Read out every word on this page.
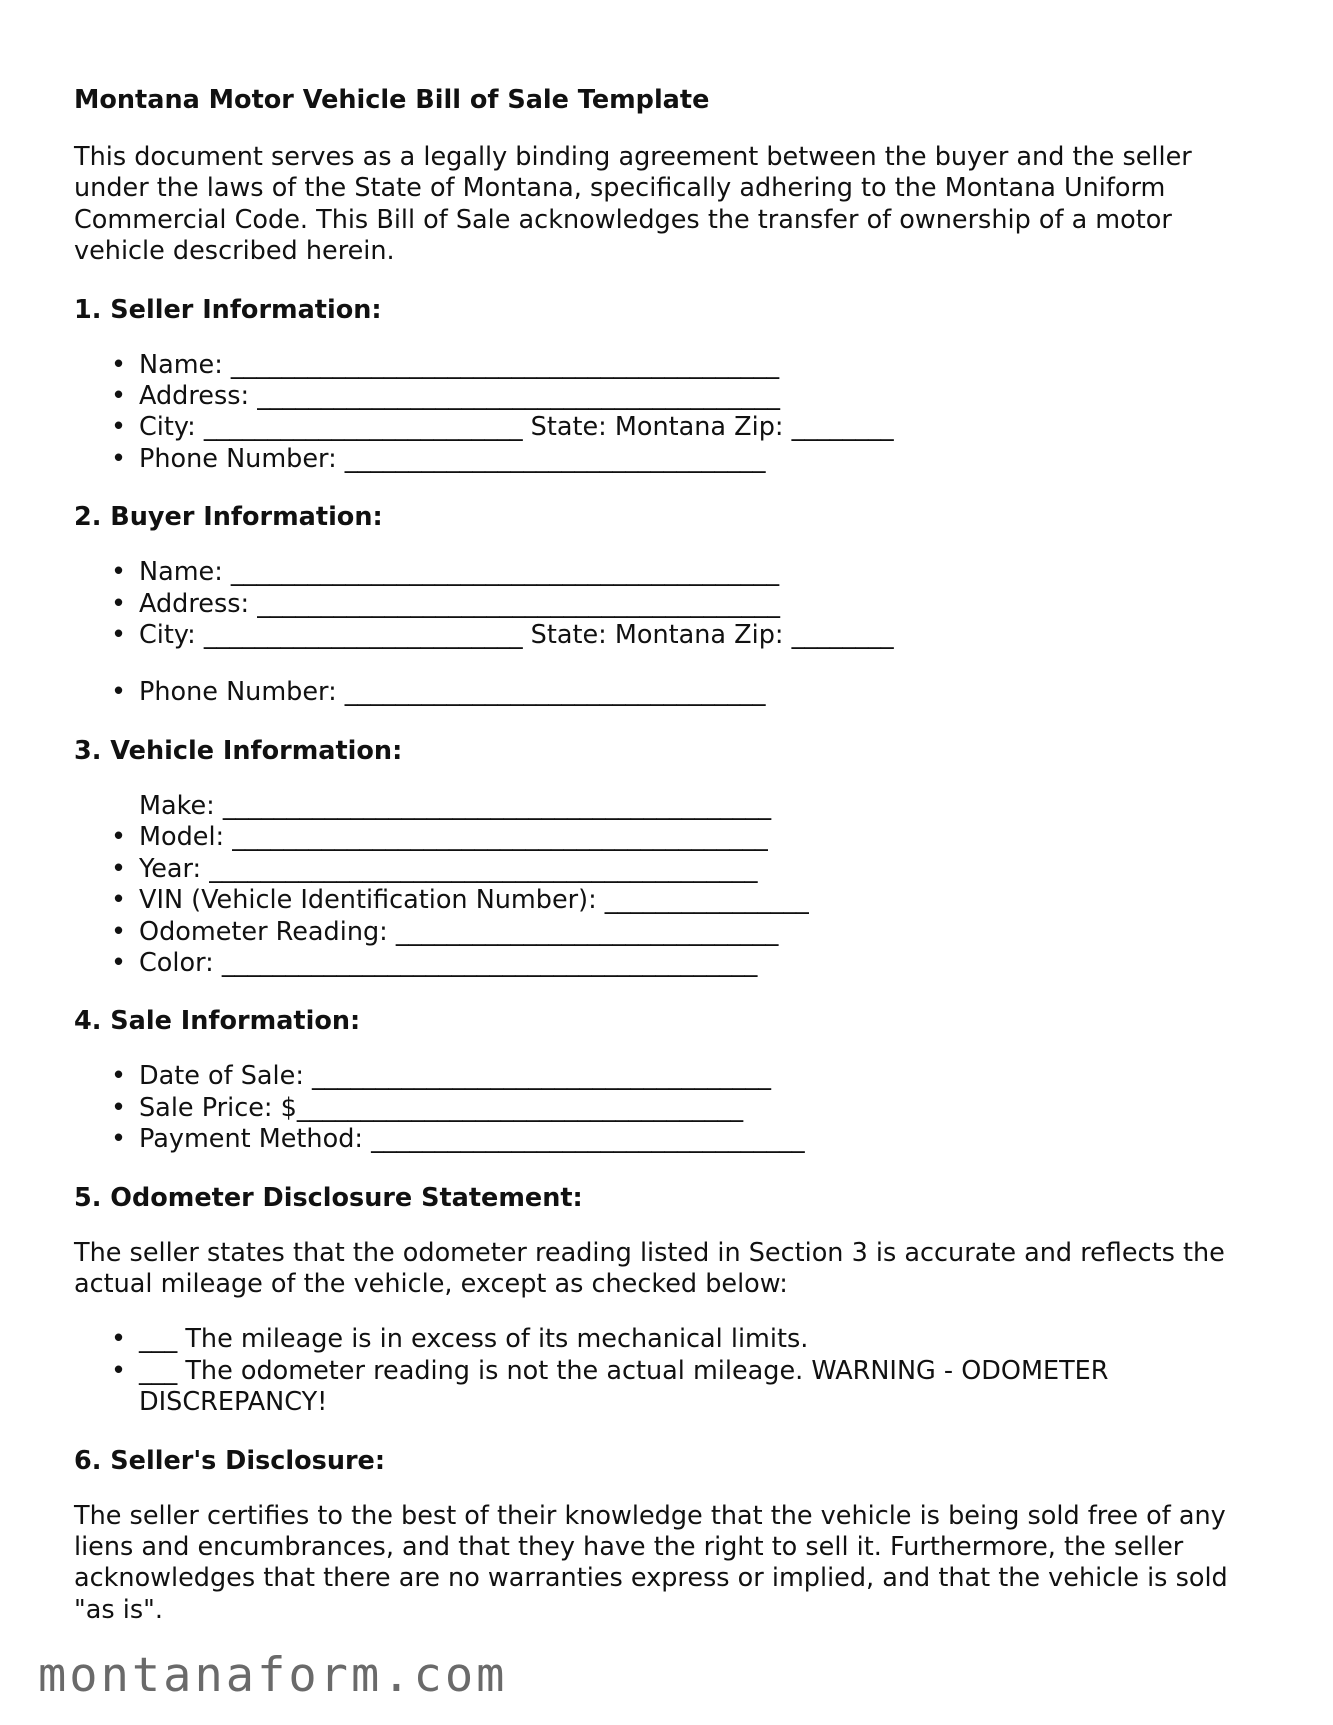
Montana Motor Vehicle Bill of Sale Template

This document serves as a legally binding agreement between the buyer and the seller
under the laws of the State of Montana, specifically adhering to the Montana Uniform
Commercial Code. This Bill of Sale acknowledges the transfer of ownership of a motor
vehicle described herein.

1. Seller Information:
• Name: ___________________________________________
• Address: _________________________________________
• City: _________________________ State: Montana Zip: ________
• Phone Number: _________________________________
2. Buyer Information:
• Name: ___________________________________________
• Address: _________________________________________
• City: _________________________ State: Montana Zip: ________
• Phone Number: _________________________________
3. Vehicle Information:
Make: ___________________________________________
• Model: __________________________________________
• Year: ___________________________________________
• VIN (Vehicle Identification Number): ________________
• Odometer Reading: ______________________________
• Color: __________________________________________
4. Sale Information:
• Date of Sale: ____________________________________
• Sale Price: $___________________________________
• Payment Method: __________________________________
5. Odometer Disclosure Statement:

The seller states that the odometer reading listed in Section 3 is accurate and reflects the
actual mileage of the vehicle, except as checked below:

• ___ The mileage is in excess of its mechanical limits.
• ___ The odometer reading is not the actual mileage. WARNING - ODOMETER
DISCREPANCY!
6. Seller's Disclosure:

The seller certifies to the best of their knowledge that the vehicle is being sold free of any
liens and encumbrances, and that they have the right to sell it. Furthermore, the seller
acknowledges that there are no warranties express or implied, and that the vehicle is sold
"as is".

montanaform.com
